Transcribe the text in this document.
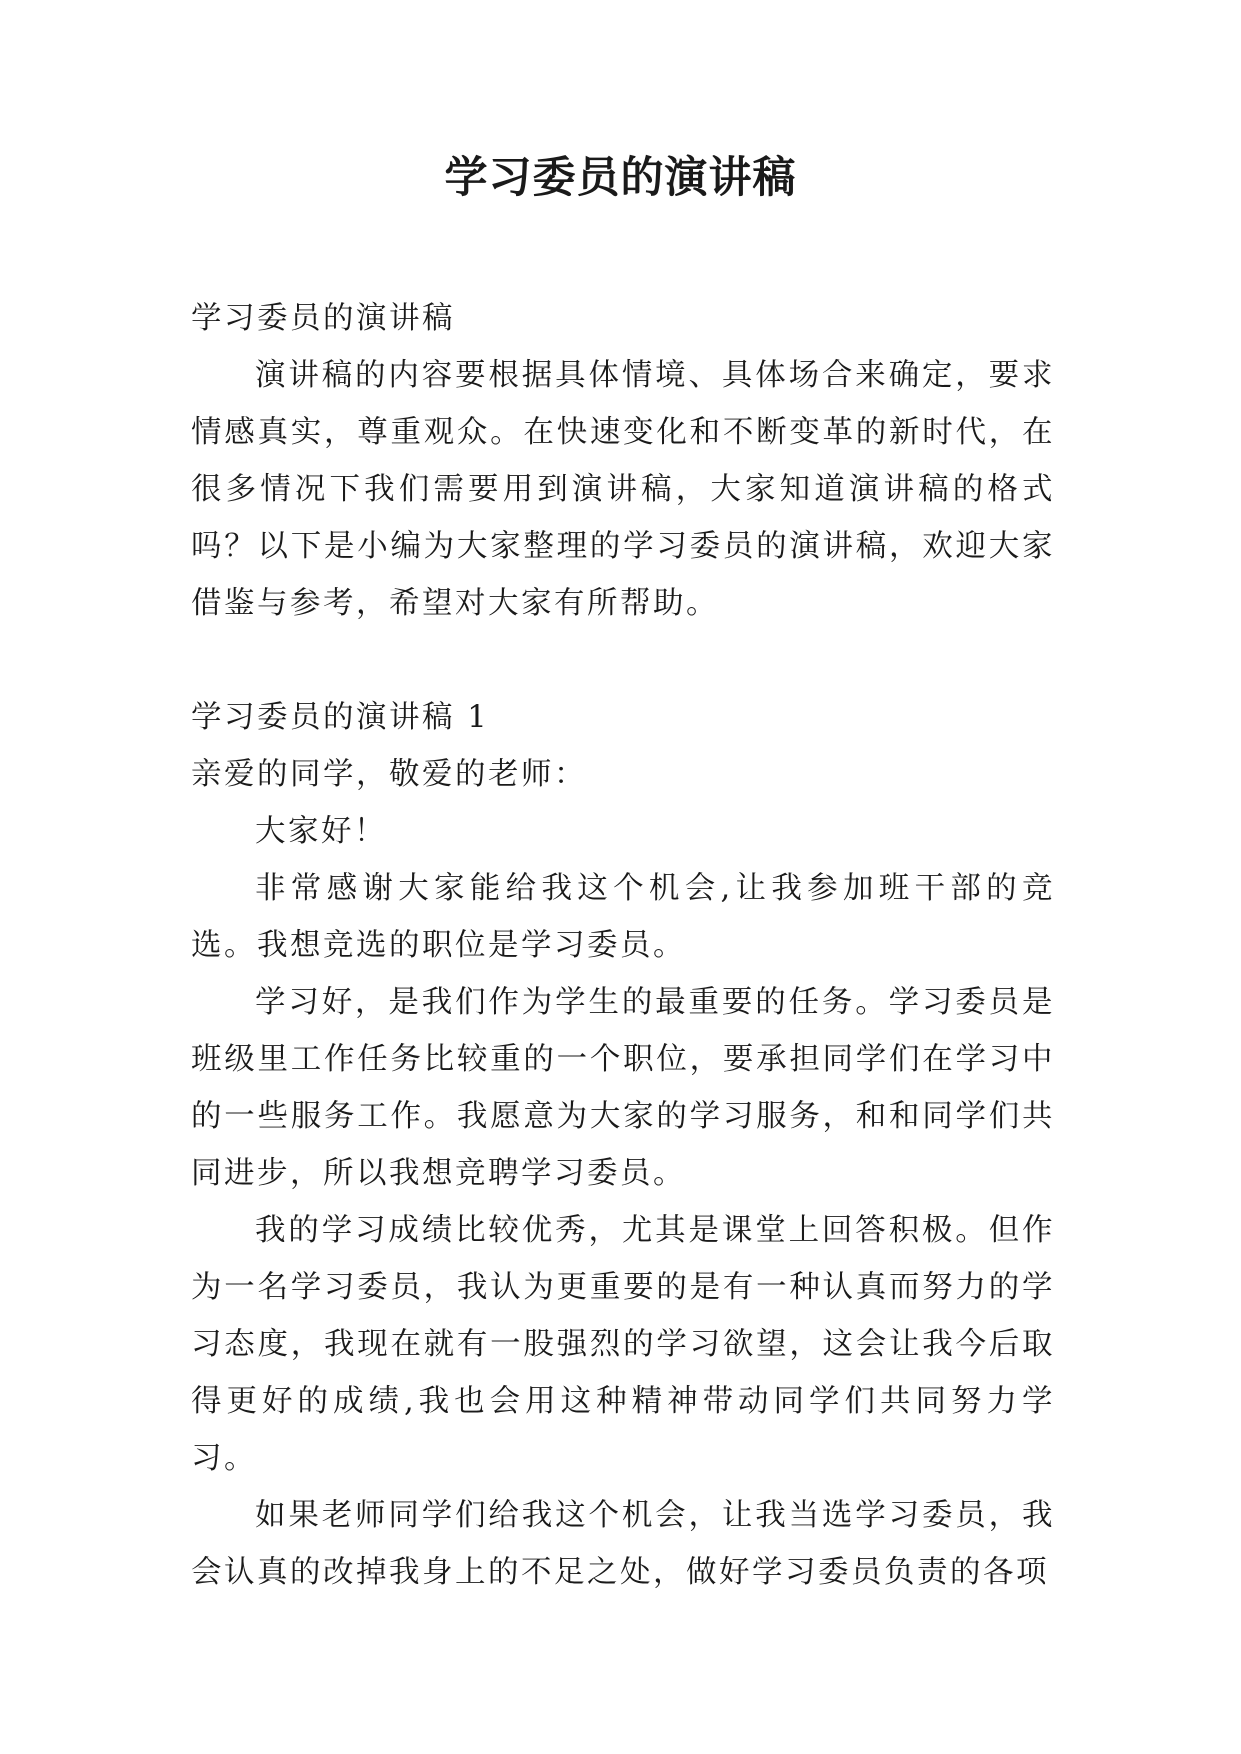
学习委员的演讲稿

学习委员的演讲稿

演讲稿的内容要根据具体情境、具体场合来确定，要求情感真实，尊重观众。在快速变化和不断变革的新时代，在很多情况下我们需要用到演讲稿，大家知道演讲稿的格式吗？以下是小编为大家整理的学习委员的演讲稿，欢迎大家借鉴与参考，希望对大家有所帮助。

学习委员的演讲稿 1

亲爱的同学，敬爱的老师：

大家好！

非常感谢大家能给我这个机会,让我参加班干部的竞选。我想竞选的职位是学习委员。

学习好，是我们作为学生的最重要的任务。学习委员是班级里工作任务比较重的一个职位，要承担同学们在学习中的一些服务工作。我愿意为大家的学习服务，和和同学们共同进步，所以我想竞聘学习委员。

我的学习成绩比较优秀，尤其是课堂上回答积极。但作为一名学习委员，我认为更重要的是有一种认真而努力的学习态度，我现在就有一股强烈的学习欲望，这会让我今后取得更好的成绩,我也会用这种精神带动同学们共同努力学习。

如果老师同学们给我这个机会，让我当选学习委员，我会认真的改掉我身上的不足之处，做好学习委员负责的各项
